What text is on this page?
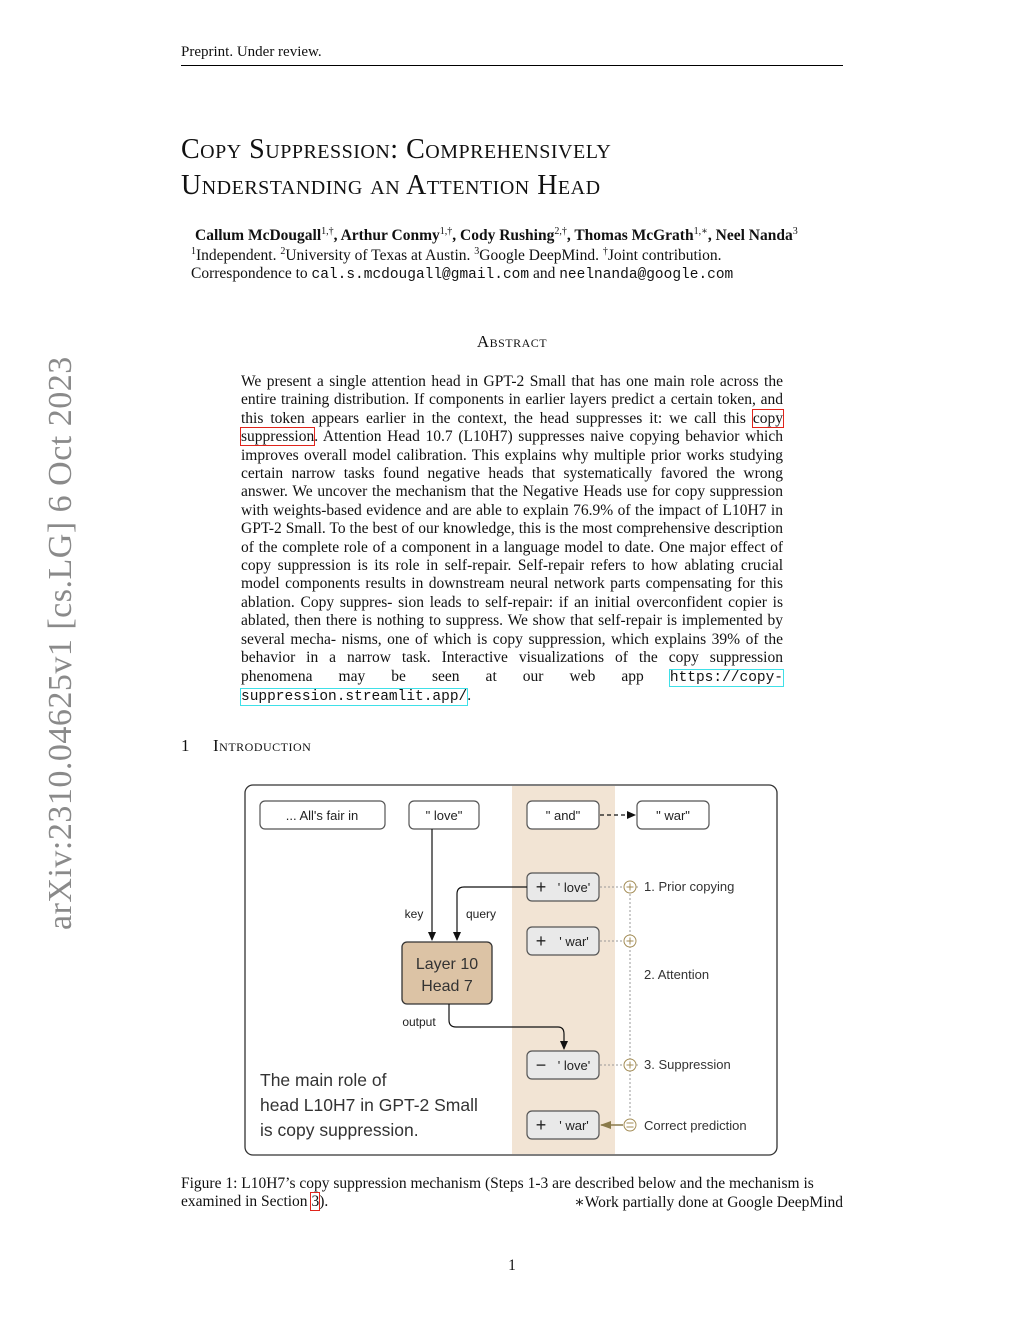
Preprint. Under review.
Copy Suppression: Comprehensively
Understanding an Attention Head
Callum McDougall$^{1,\dagger}$, Arthur Conmy$^{1,\dagger}$, Cody Rushing$^{2,\dagger}$, Thomas McGrath$^{1,∗}$, Neel Nanda$^3$
$^1$Independent. $^2$University of Texas at Austin. $^3$Google DeepMind. †Joint contribution.
Correspondence to cal.s.mcdougall@gmail.com and neelnanda@google.com
arXiv:2310.04625v1 [cs.LG] 6 Oct 2023
Abstract
We present a single attention head in GPT-2 Small that has one main role across the entire training distribution. If components in earlier layers predict a certain token, and this token appears earlier in the context, the head suppresses it: we call this copy suppression. Attention Head 10.7 (L10H7) suppresses naive copying behavior which improves overall model calibration. This explains why multiple prior works studying certain narrow tasks found negative heads that systematically favored the wrong answer. We uncover the mechanism that the Negative Heads use for copy suppression with weights-based evidence and are able to explain 76.9% of the impact of L10H7 in GPT-2 Small. To the best of our knowledge, this is the most comprehensive description of the complete role of a component in a language model to date. One major effect of copy suppression is its role in self-repair. Self-repair refers to how ablating crucial model components results in downstream neural network parts compensating for this ablation. Copy suppres- sion leads to self-repair: if an initial overconfident copier is ablated, then there is nothing to suppress. We show that self-repair is implemented by several mecha- nisms, one of which is copy suppression, which explains 39% of the behavior in a narrow task. Interactive visualizations of the copy suppression phenomena may be seen at our web app https://copy-suppression.streamlit.app/.
1 Introduction
... All's fair in	" love"	" and"	" war"
+ ' love'
+ ' war'
− ' love'
+ ' war'
Layer 10
Head 7
key	query
output
1. Prior copying
2. Attention
3. Suppression
Correct prediction
The main role of
head L10H7 in GPT-2 Small
is copy suppression.
Figure 1: L10H7’s copy suppression mechanism (Steps 1-3 are described below and the mechanism is examined in Section 3).	∗Work partially done at Google DeepMind
1
